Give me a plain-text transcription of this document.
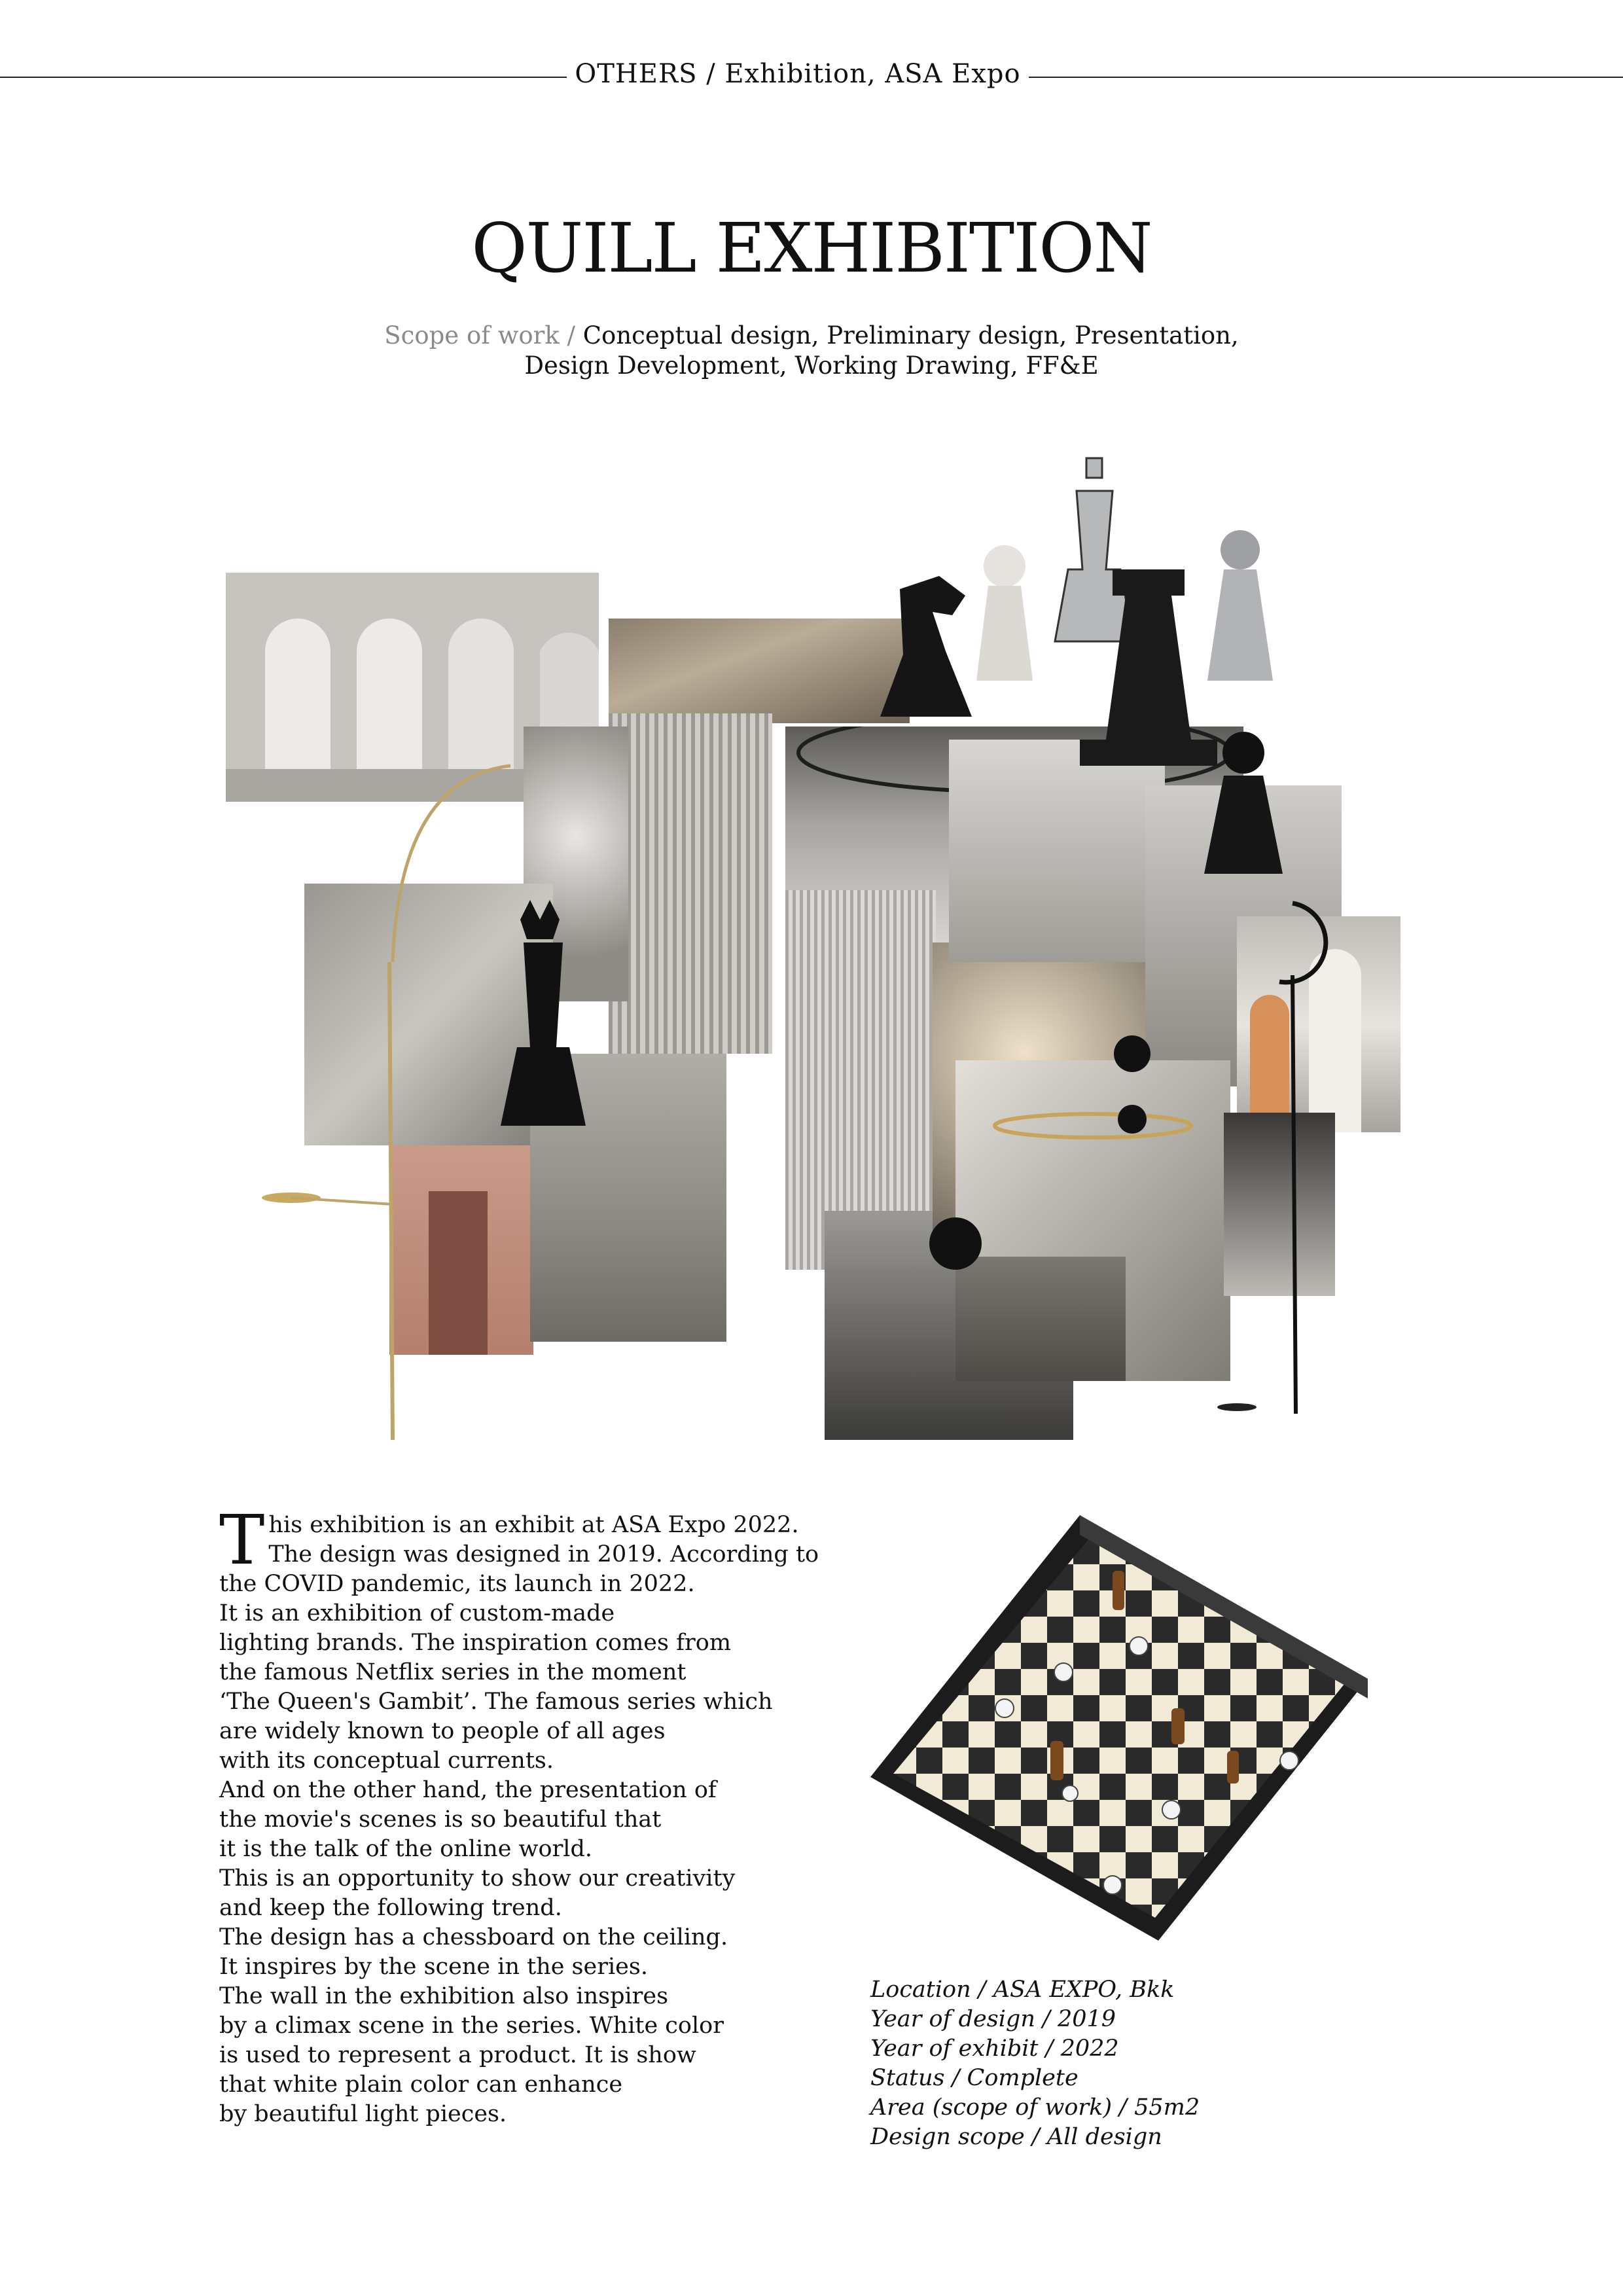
OTHERS / Exhibition, ASA Expo
QUILL EXHIBITION
Scope of work / Conceptual design, Preliminary design, Presentation,
Design Development, Working Drawing, FF&E

This exhibition is an exhibit at ASA Expo 2022.

The design was designed in 2019. According to

the COVID pandemic, its launch in 2022.

It is an exhibition of custom-made

lighting brands. The inspiration comes from

the famous Netflix series in the moment

‘The Queen's Gambit’. The famous series which

are widely known to people of all ages

with its conceptual currents.

And on the other hand, the presentation of

the movie's scenes is so beautiful that

it is the talk of the online world.

This is an opportunity to show our creativity

and keep the following trend.

The design has a chessboard on the ceiling.

It inspires by the scene in the series.

The wall in the exhibition also inspires

by a climax scene in the series. White color

is used to represent a product. It is show

that white plain color can enhance

by beautiful light pieces.

Location / ASA EXPO, Bkk
Year of design / 2019
Year of exhibit / 2022
Status / Complete
Area (scope of work) / 55m2
Design scope / All design
